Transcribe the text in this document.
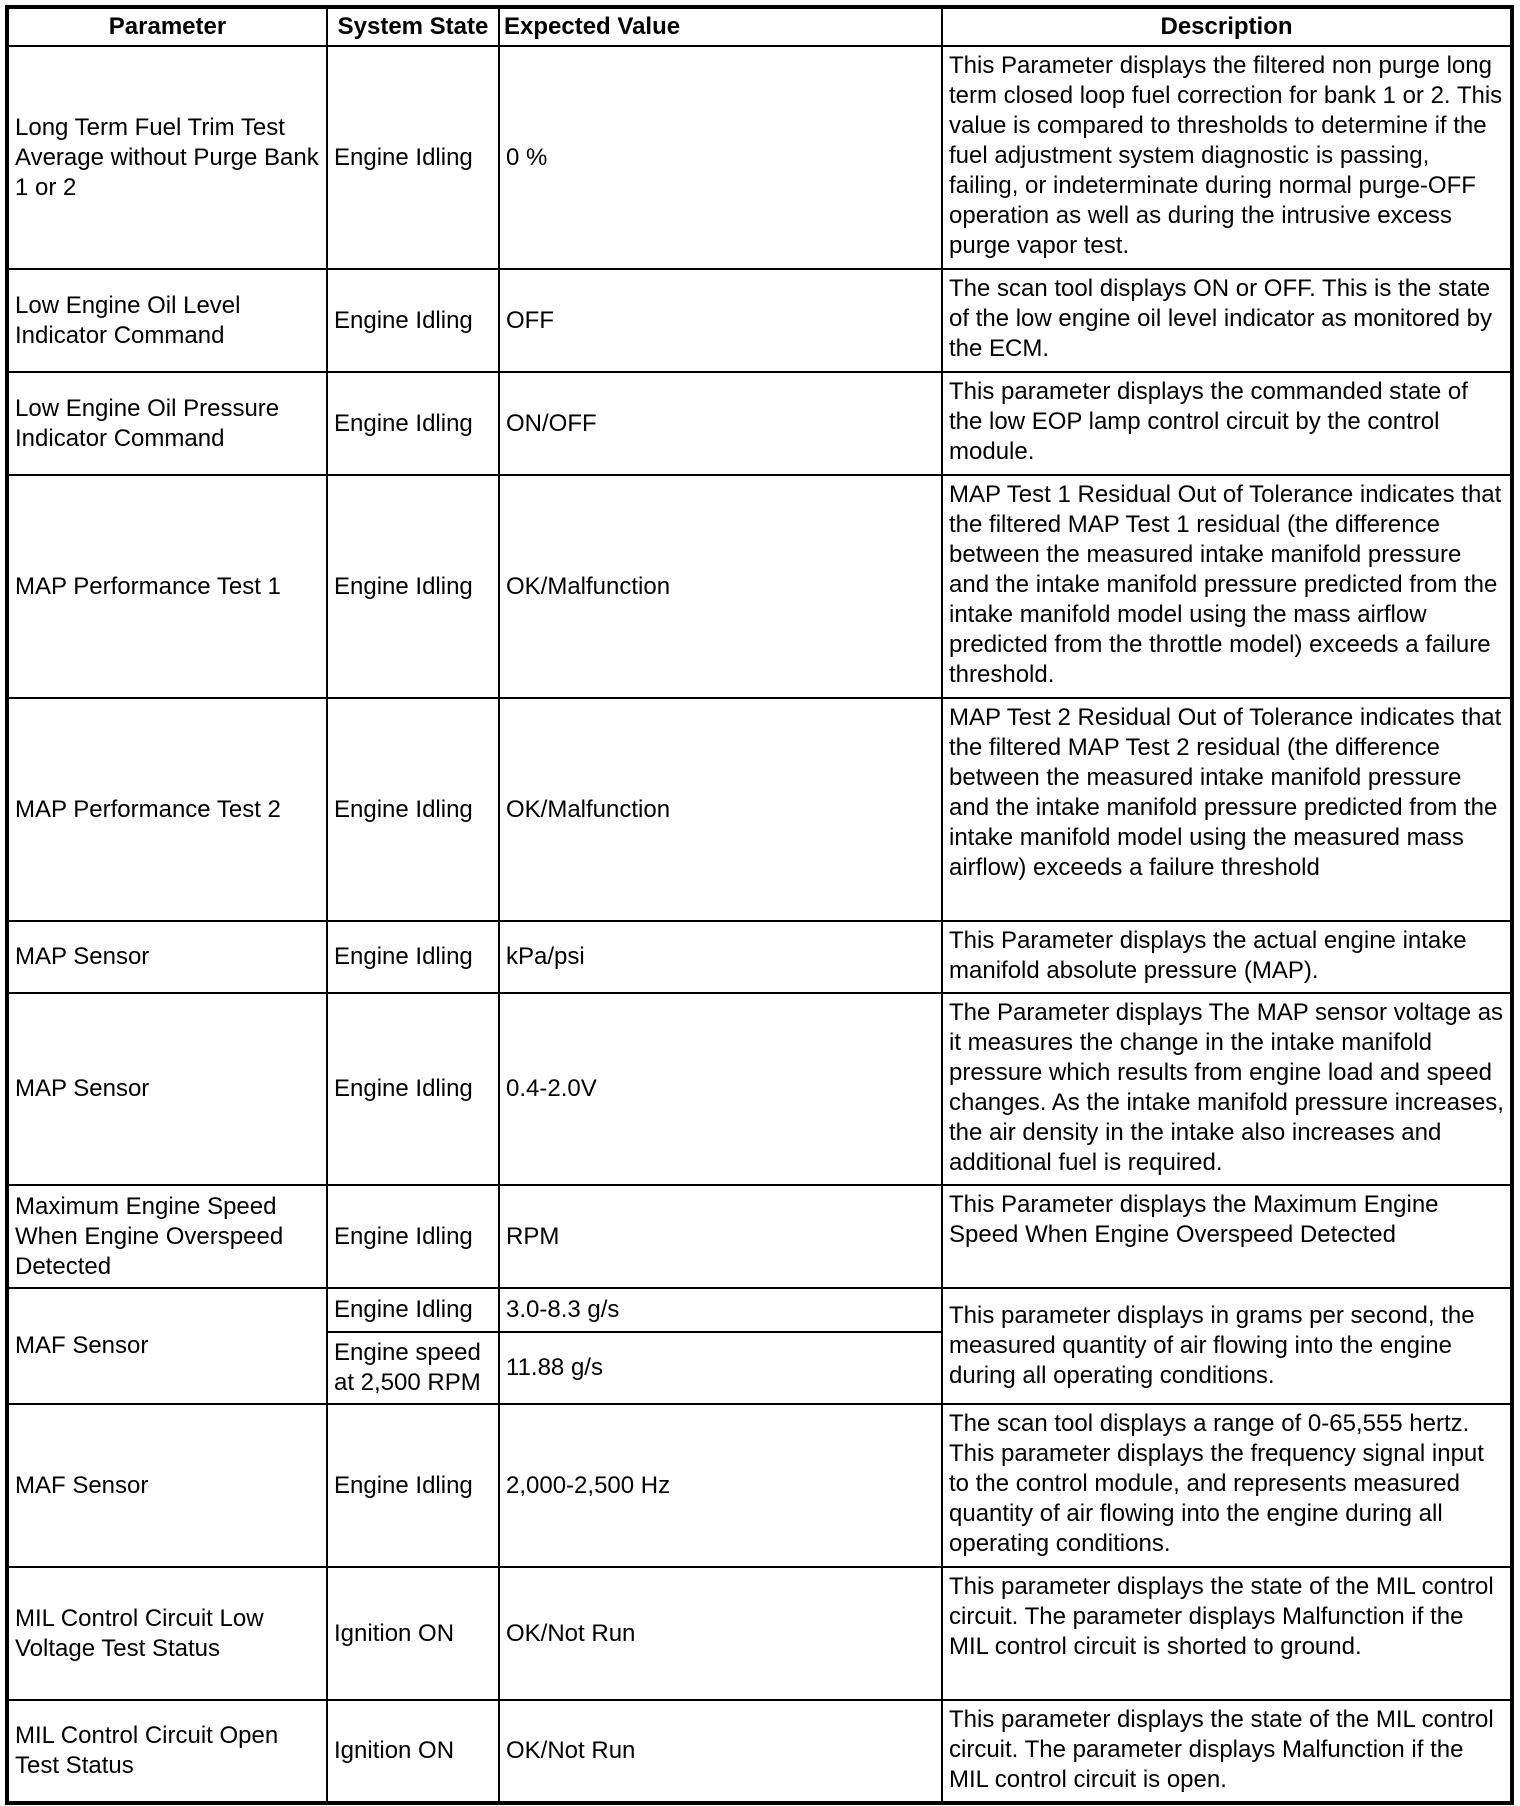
Parameter	System State	Expected Value	Description
Long Term Fuel Trim Test Average without Purge Bank 1 or 2	Engine Idling	0 %	This Parameter displays the filtered non purge long term closed loop fuel correction for bank 1 or 2. This value is compared to thresholds to determine if the fuel adjustment system diagnostic is passing, failing, or indeterminate during normal purge-OFF operation as well as during the intrusive excess purge vapor test.
Low Engine Oil Level Indicator Command	Engine Idling	OFF	The scan tool displays ON or OFF. This is the state of the low engine oil level indicator as monitored by the ECM.
Low Engine Oil Pressure Indicator Command	Engine Idling	ON/OFF	This parameter displays the commanded state of the low EOP lamp control circuit by the control module.
MAP Performance Test 1	Engine Idling	OK/Malfunction	MAP Test 1 Residual Out of Tolerance indicates that the filtered MAP Test 1 residual (the difference between the measured intake manifold pressure and the intake manifold pressure predicted from the intake manifold model using the mass airflow predicted from the throttle model) exceeds a failure threshold.
MAP Performance Test 2	Engine Idling	OK/Malfunction	MAP Test 2 Residual Out of Tolerance indicates that the filtered MAP Test 2 residual (the difference between the measured intake manifold pressure and the intake manifold pressure predicted from the intake manifold model using the measured mass airflow) exceeds a failure threshold
MAP Sensor	Engine Idling	kPa/psi	This Parameter displays the actual engine intake manifold absolute pressure (MAP).
MAP Sensor	Engine Idling	0.4-2.0V	The Parameter displays The MAP sensor voltage as it measures the change in the intake manifold pressure which results from engine load and speed changes. As the intake manifold pressure increases, the air density in the intake also increases and additional fuel is required.
Maximum Engine Speed When Engine Overspeed Detected	Engine Idling	RPM	This Parameter displays the Maximum Engine Speed When Engine Overspeed Detected
MAF Sensor	Engine Idling	3.0-8.3 g/s	This parameter displays in grams per second, the measured quantity of air flowing into the engine during all operating conditions.
	Engine speed at 2,500 RPM	11.88 g/s	
MAF Sensor	Engine Idling	2,000-2,500 Hz	The scan tool displays a range of 0-65,555 hertz. This parameter displays the frequency signal input to the control module, and represents measured quantity of air flowing into the engine during all operating conditions.
MIL Control Circuit Low Voltage Test Status	Ignition ON	OK/Not Run	This parameter displays the state of the MIL control circuit. The parameter displays Malfunction if the MIL control circuit is shorted to ground.
MIL Control Circuit Open Test Status	Ignition ON	OK/Not Run	This parameter displays the state of the MIL control circuit. The parameter displays Malfunction if the MIL control circuit is open.
